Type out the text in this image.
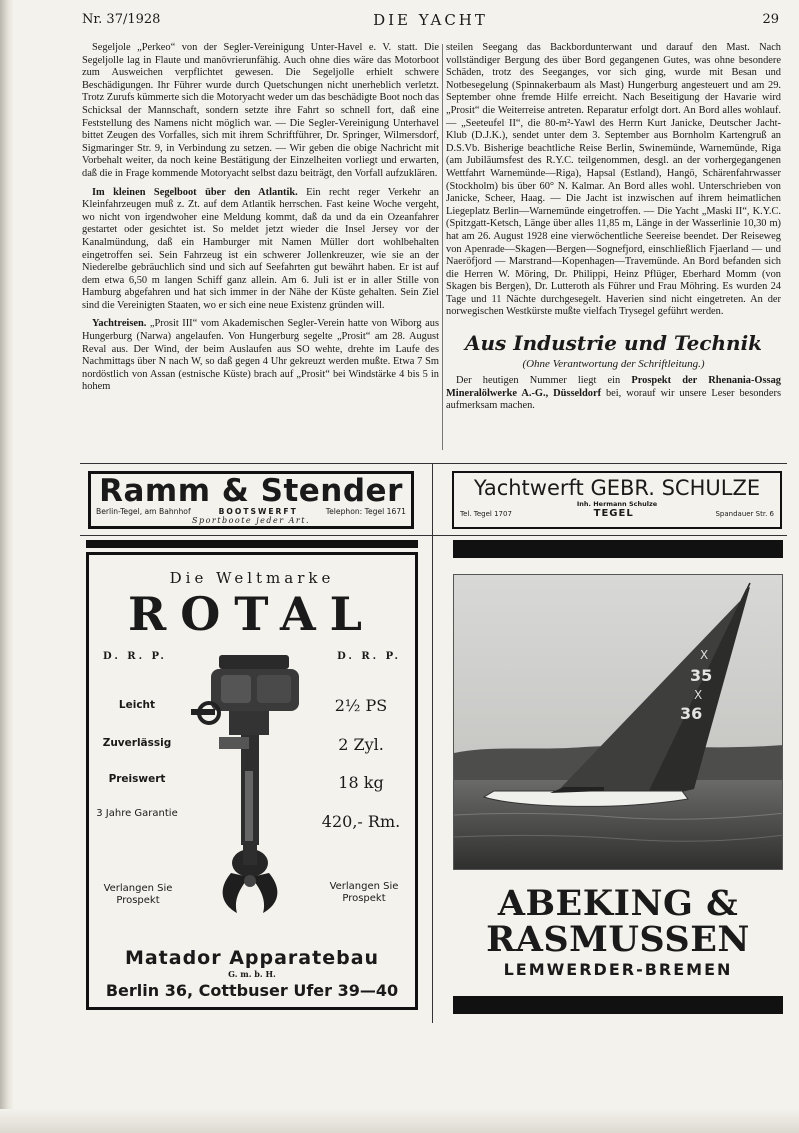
Nr. 37/1928	DIE YACHT	29

Segeljole „Perkeo“ von der Segler-Vereinigung Unter-Havel e. V. statt. Die Segeljolle lag in Flaute und manövrierunfähig. Auch ohne dies wäre das Motorboot zum Ausweichen verpflichtet gewesen. Die Segeljolle erhielt schwere Beschädigungen. Ihr Führer wurde durch Quetschungen nicht unerheblich verletzt. Trotz Zurufs kümmerte sich die Motoryacht weder um das beschädigte Boot noch das Schicksal der Mannschaft, sondern setzte ihre Fahrt so schnell fort, daß eine Feststellung des Namens nicht möglich war. — Die Segler-Vereinigung Unterhavel bittet Zeugen des Vorfalles, sich mit ihrem Schriftführer, Dr. Springer, Wilmersdorf, Sigmaringer Str. 9, in Verbindung zu setzen. — Wir geben die obige Nachricht mit Vorbehalt weiter, da noch keine Bestätigung der Einzelheiten vorliegt und erwarten, daß die in Frage kommende Motoryacht selbst dazu beiträgt, den Vorfall aufzuklären.

Im kleinen Segelboot über den Atlantik. Ein recht reger Verkehr an Kleinfahrzeugen muß z. Zt. auf dem Atlantik herrschen. Fast keine Woche vergeht, wo nicht von irgendwoher eine Meldung kommt, daß da und da ein Ozeanfahrer gestartet oder gesichtet ist. So meldet jetzt wieder die Insel Jersey vor der Kanalmündung, daß ein Hamburger mit Namen Müller dort wohlbehalten eingetroffen sei. Sein Fahrzeug ist ein schwerer Jollenkreuzer, wie sie an der Niederelbe gebräuchlich sind und sich auf Seefahrten gut bewährt haben. Er ist auf dem etwa 6,50 m langen Schiff ganz allein. Am 6. Juli ist er in aller Stille von Hamburg abgefahren und hat sich immer in der Nähe der Küste gehalten. Sein Ziel sind die Vereinigten Staaten, wo er sich eine neue Existenz gründen will.

Yachtreisen. „Prosit III“ vom Akademischen Segler-Verein hatte von Wiborg aus Hungerburg (Narwa) angelaufen. Von Hungerburg segelte „Prosit“ am 28. August Reval aus. Der Wind, der beim Auslaufen aus SO wehte, drehte im Laufe des Nachmittags über N nach W, so daß gegen 4 Uhr gekreuzt werden mußte. Etwa 7 Sm nordöstlich von Assan (estnische Küste) brach auf „Prosit“ bei Windstärke 4 bis 5 in hohem

steilen Seegang das Backbordunterwant und darauf den Mast. Nach vollständiger Bergung des über Bord gegangenen Gutes, was ohne besondere Schäden, trotz des Seeganges, vor sich ging, wurde mit Besan und Notbesegelung (Spinnakerbaum als Mast) Hungerburg angesteuert und am 29. September ohne fremde Hilfe erreicht. Nach Beseitigung der Havarie wird „Prosit“ die Weiterreise antreten. Reparatur erfolgt dort. An Bord alles wohlauf. — „Seeteufel II“, die 80-m²-Yawl des Herrn Kurt Janicke, Deutscher Jacht-Klub (D.J.K.), sendet unter dem 3. September aus Bornholm Kartengruß an D.S.Vb. Bisherige beachtliche Reise Berlin, Swinemünde, Warnemünde, Riga (am Jubiläumsfest des R.Y.C. teilgenommen, desgl. an der vorhergegangenen Wettfahrt Warnemünde—Riga), Hapsal (Estland), Hangö, Schärenfahrwasser (Stockholm) bis über 60° N. Kalmar. An Bord alles wohl. Unterschrieben von Janicke, Scheer, Haag. — Die Jacht ist inzwischen auf ihrem heimatlichen Liegeplatz Berlin—Warnemünde eingetroffen. — Die Yacht „Maski II“, K.Y.C. (Spitzgatt-Ketsch, Länge über alles 11,85 m, Länge in der Wasserlinie 10,30 m) hat am 26. August 1928 eine vierwöchentliche Seereise beendet. Der Reiseweg von Apenrade—Skagen—Bergen—Sognefjord, einschließlich Fjaerland — und Naeröfjord — Marstrand—Kopenhagen—Travemünde. An Bord befanden sich die Herren W. Möring, Dr. Philippi, Heinz Pflüger, Eberhard Momm (von Skagen bis Bergen), Dr. Lutteroth als Führer und Frau Möhring. Es wurden 24 Tage und 11 Nächte durchgesegelt. Haverien sind nicht eingetreten. An der norwegischen Westkürste mußte vielfach Trysegel geführt werden.

Aus Industrie und Technik
(Ohne Verantwortung der Schriftleitung.)

Der heutigen Nummer liegt ein Prospekt der Rhenania-Ossag Mineralölwerke A.-G., Düsseldorf bei, worauf wir unsere Leser besonders aufmerksam machen.

Ramm & Stender
Berlin-Tegel, am Bahnhof	BOOTSWERFT	Telephon: Tegel 1671
Sportboote jeder Art.
Yachtwerft GEBR. SCHULZE
Inh. Hermann Schulze
Tel. Tegel 1707	TEGEL	Spandauer Str. 6
Die Weltmarke
ROTAL
D. R. P.	D. R. P.
Leicht	2½ PS
Zuverlässig	2 Zyl.
Preiswert	18 kg
3 Jahre Garantie	420,- Rm.
Verlangen Sie Prospekt
Verlangen Sie Prospekt
Matador Apparatebau
G. m. b. H.
Berlin 36, Cottbuser Ufer 39—40
X
35
X
36
ABEKING &
RASMUSSEN
LEMWERDER-BREMEN
